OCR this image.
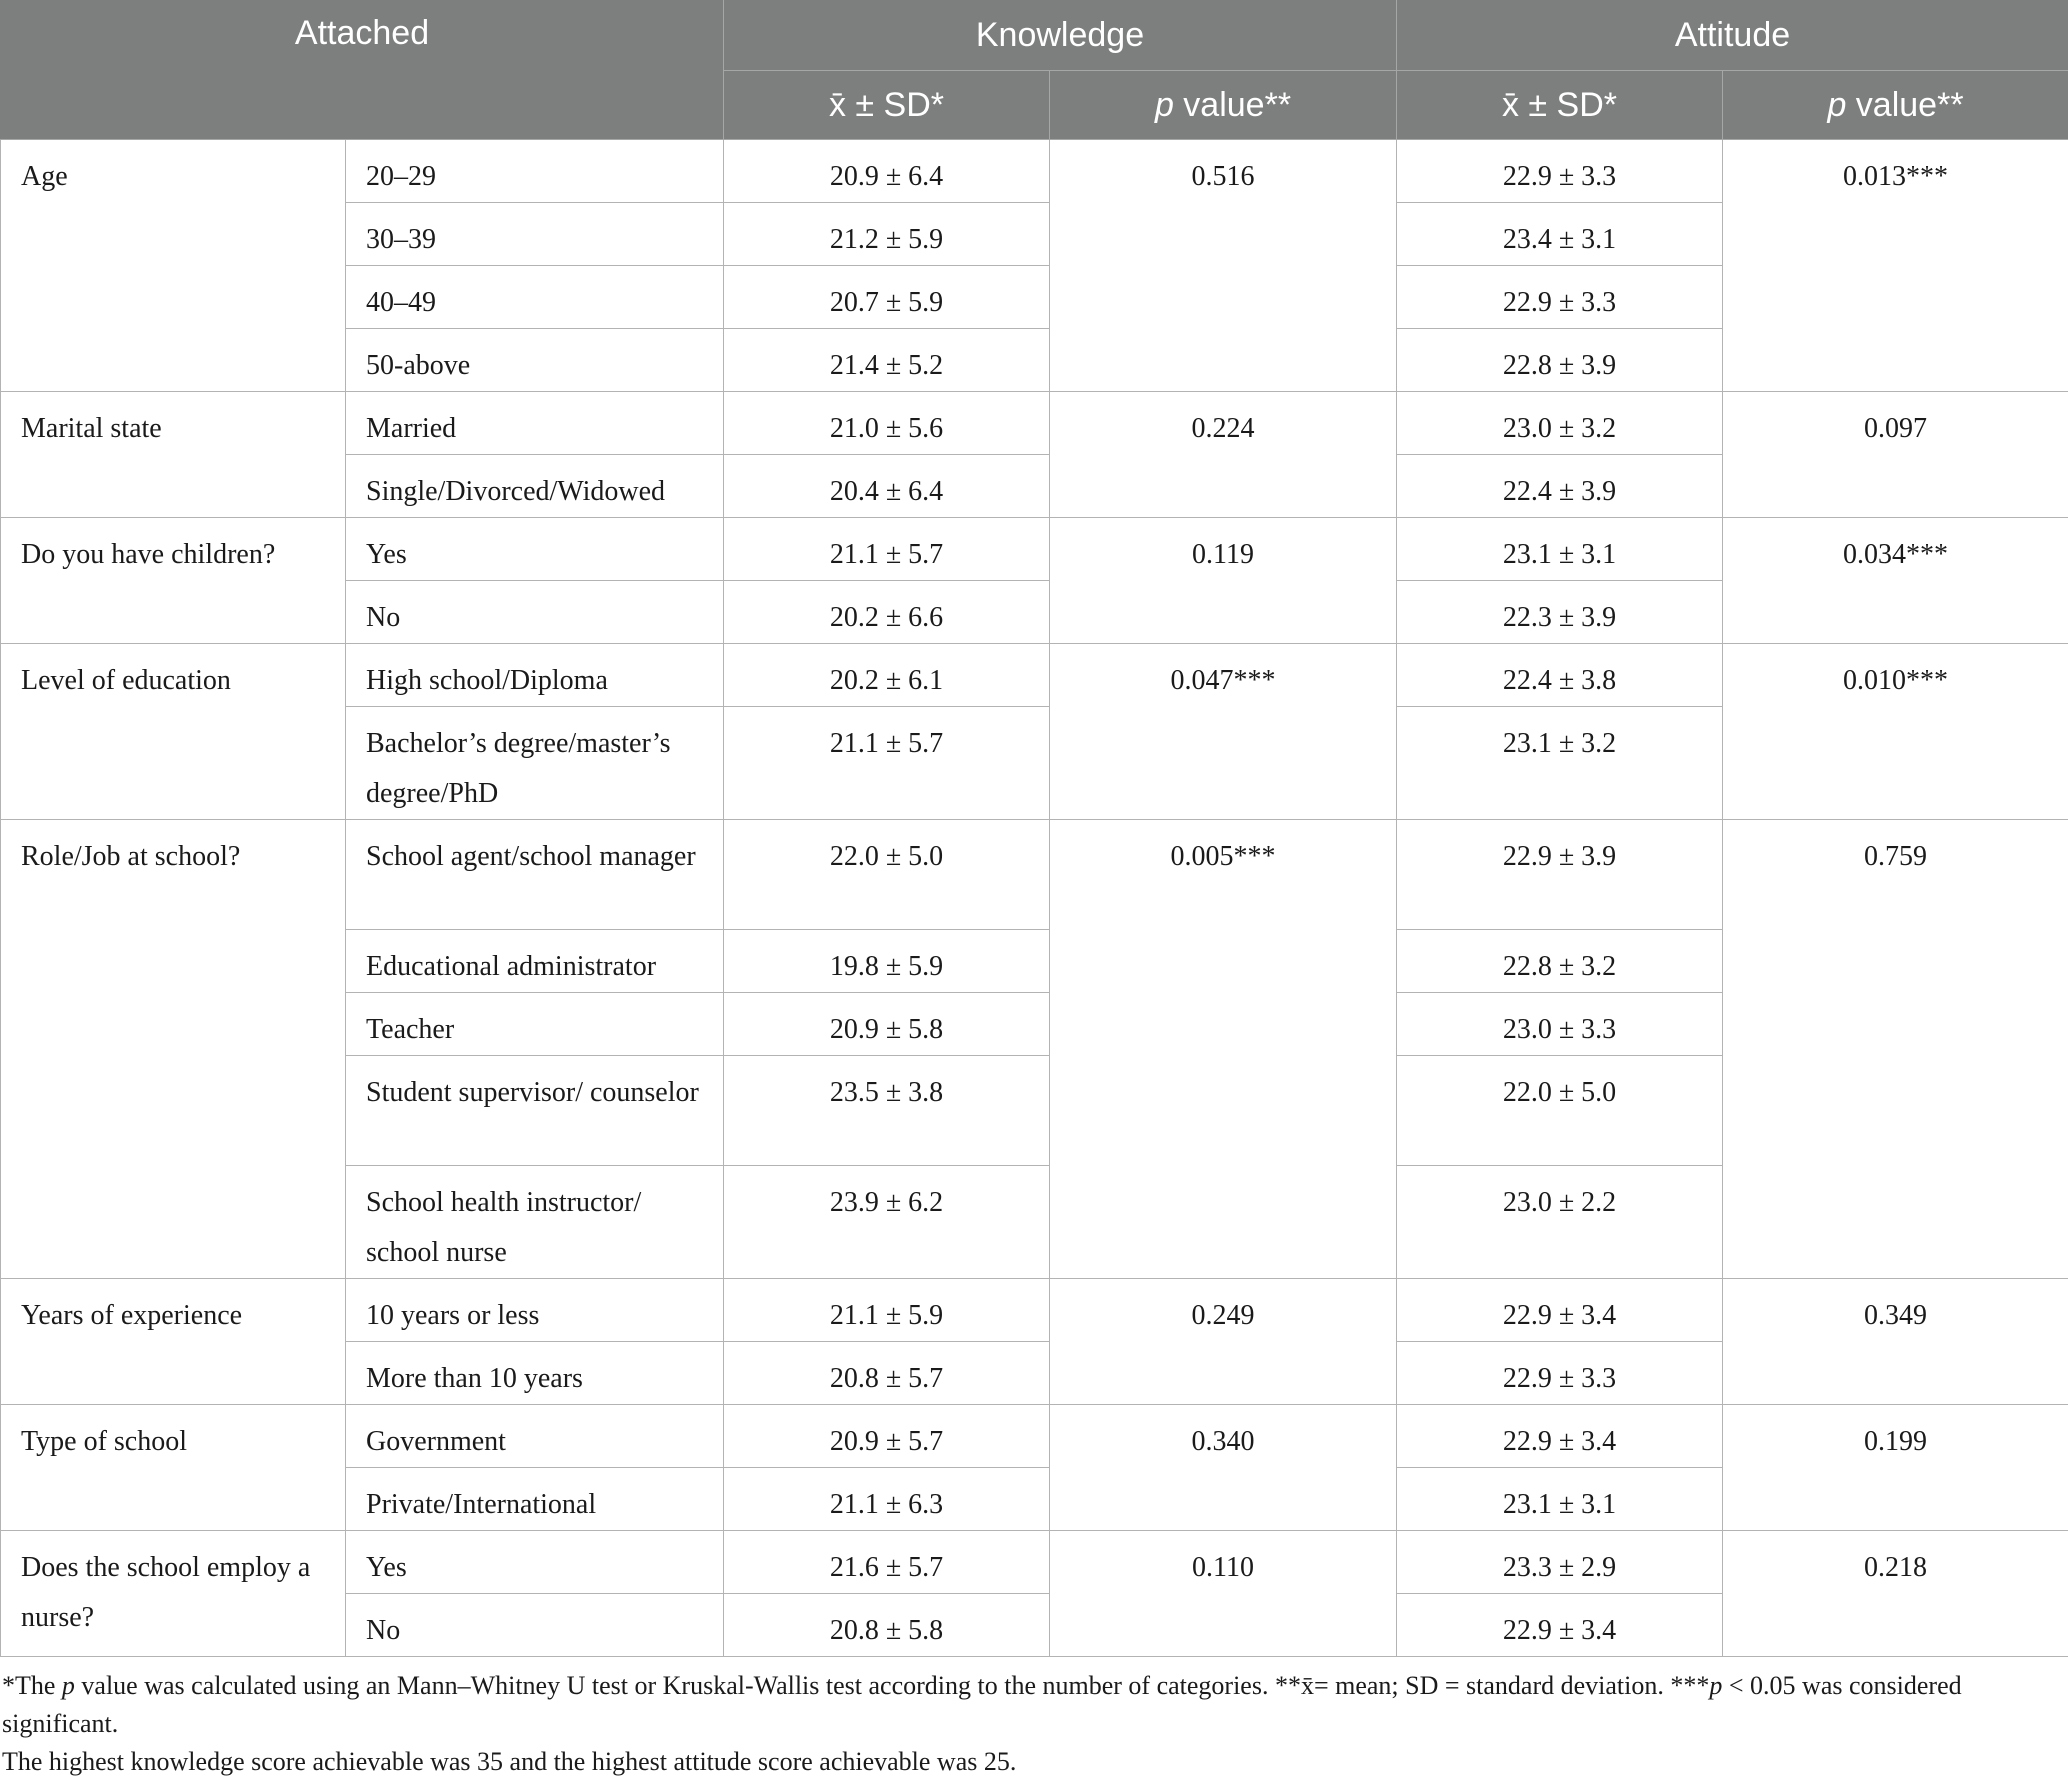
Attached		Knowledge		Attitude	
		x̄ ± SD*	p value**	x̄ ± SD*	p value**
Age	20–29	20.9 ± 6.4	0.516	22.9 ± 3.3	0.013***
	30–39	21.2 ± 5.9		23.4 ± 3.1	
	40–49	20.7 ± 5.9		22.9 ± 3.3	
	50-above	21.4 ± 5.2		22.8 ± 3.9	
Marital state	Married	21.0 ± 5.6	0.224	23.0 ± 3.2	0.097
	Single/Divorced/Widowed	20.4 ± 6.4		22.4 ± 3.9	
Do you have children?	Yes	21.1 ± 5.7	0.119	23.1 ± 3.1	0.034***
	No	20.2 ± 6.6		22.3 ± 3.9	
Level of education	High school/Diploma	20.2 ± 6.1	0.047***	22.4 ± 3.8	0.010***
	Bachelor’s degree/master’s degree/PhD	21.1 ± 5.7		23.1 ± 3.2	
Role/Job at school?	School agent/school manager	22.0 ± 5.0	0.005***	22.9 ± 3.9	0.759
	Educational administrator	19.8 ± 5.9		22.8 ± 3.2	
	Teacher	20.9 ± 5.8		23.0 ± 3.3	
	Student supervisor/ counselor	23.5 ± 3.8		22.0 ± 5.0	
	School health instructor/ school nurse	23.9 ± 6.2		23.0 ± 2.2	
Years of experience	10 years or less	21.1 ± 5.9	0.249	22.9 ± 3.4	0.349
	More than 10 years	20.8 ± 5.7		22.9 ± 3.3	
Type of school	Government	20.9 ± 5.7	0.340	22.9 ± 3.4	0.199
	Private/International	21.1 ± 6.3		23.1 ± 3.1	
Does the school employ a nurse?	Yes	21.6 ± 5.7	0.110	23.3 ± 2.9	0.218
	No	20.8 ± 5.8		22.9 ± 3.4	
*The p value was calculated using an Mann–Whitney U test or Kruskal-Wallis test according to the number of categories. **x̄= mean; SD = standard deviation. ***p < 0.05 was considered significant.
The highest knowledge score achievable was 35 and the highest attitude score achievable was 25.
